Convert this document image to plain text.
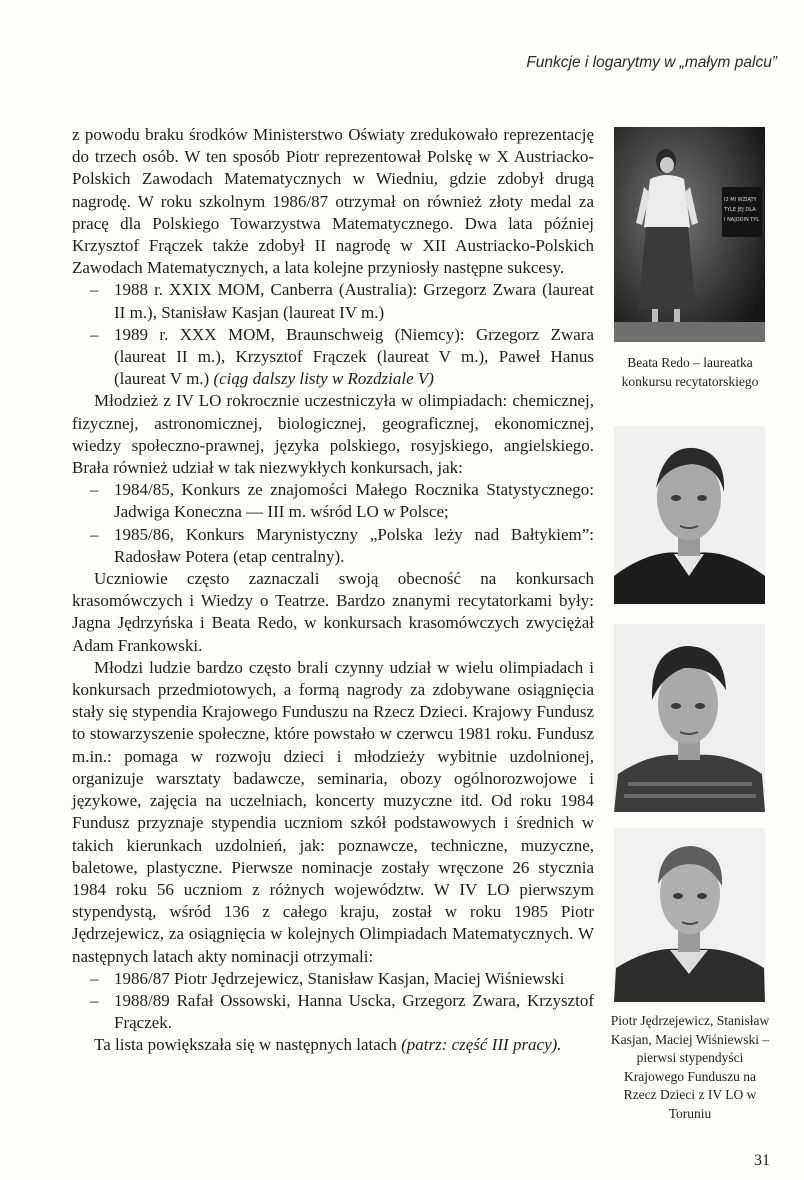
Funkcje i logarytmy w „małym palcu”

z powodu braku środków Ministerstwo Oświaty zredukowało reprezentację do trzech osób. W ten sposób Piotr reprezentował Polskę w X Austriacko-Polskich Zawodach Matematycznych w Wiedniu, gdzie zdobył drugą nagrodę. W roku szkolnym 1986/87 otrzymał on również złoty medal za pracę dla Polskiego Towarzystwa Matematycznego. Dwa lata później Krzysztof Frączek także zdobył II nagrodę w XII Austriacko-Polskich Zawodach Matematycznych, a lata kolejne przyniosły następne sukcesy.

– 1988 r. XXIX MOM, Canberra (Australia): Grzegorz Zwara (laureat II m.), Stanisław Kasjan (laureat IV m.)
– 1989 r. XXX MOM, Braunschweig (Niemcy): Grzegorz Zwara (laureat II m.), Krzysztof Frączek (laureat V m.), Paweł Hanus (laureat V m.) (ciąg dalszy listy w Rozdziale V)

Młodzież z IV LO rokrocznie uczestniczyła w olimpiadach: chemicznej, fizycznej, astronomicznej, biologicznej, geograficznej, ekonomicznej, wiedzy społeczno-prawnej, języka polskiego, rosyjskiego, angielskiego. Brała również udział w tak niezwykłych konkursach, jak:

– 1984/85, Konkurs ze znajomości Małego Rocznika Statystycznego: Jadwiga Koneczna — III m. wśród LO w Polsce;
– 1985/86, Konkurs Marynistyczny „Polska leży nad Bałtykiem”: Radosław Potera (etap centralny).

Uczniowie często zaznaczali swoją obecność na konkursach krasomówczych i Wiedzy o Teatrze. Bardzo znanymi recytatorkami były: Jagna Jędrzyńska i Beata Redo, w konkursach krasomówczych zwyciężał Adam Frankowski.

Młodzi ludzie bardzo często brali czynny udział w wielu olimpiadach i konkursach przedmiotowych, a formą nagrody za zdobywane osiągnięcia stały się stypendia Krajowego Funduszu na Rzecz Dzieci. Krajowy Fundusz to stowarzyszenie społeczne, które powstało w czerwcu 1981 roku. Fundusz m.in.: pomaga w rozwoju dzieci i młodzieży wybitnie uzdolnionej, organizuje warsztaty badawcze, seminaria, obozy ogólnorozwojowe i językowe, zajęcia na uczelniach, koncerty muzyczne itd. Od roku 1984 Fundusz przyznaje stypendia uczniom szkół podstawowych i średnich w takich kierunkach uzdolnień, jak: poznawcze, techniczne, muzyczne, baletowe, plastyczne. Pierwsze nominacje zostały wręczone 26 stycznia 1984 roku 56 uczniom z różnych województw. W IV LO pierwszym stypendystą, wśród 136 z całego kraju, został w roku 1985 Piotr Jędrzejewicz, za osiągnięcia w kolejnych Olimpiadach Matematycznych. W następnych latach akty nominacji otrzymali:

– 1986/87 Piotr Jędrzejewicz, Stanisław Kasjan, Maciej Wiśniewski
– 1988/89 Rafał Ossowski, Hanna Uscka, Grzegorz Zwara, Krzysztof Frączek.

Ta lista powiększała się w następnych latach (patrz: część III pracy).

I2 MI WZIĄTY
TYLE JEJ DLA
I NAJODIN TYL
Beata Redo – laureatka konkursu recytatorskiego
Piotr Jędrzejewicz, Stanisław Kasjan, Maciej Wiśniewski – pierwsi stypendyści Krajowego Funduszu na Rzecz Dzieci z IV LO w Toruniu
31
